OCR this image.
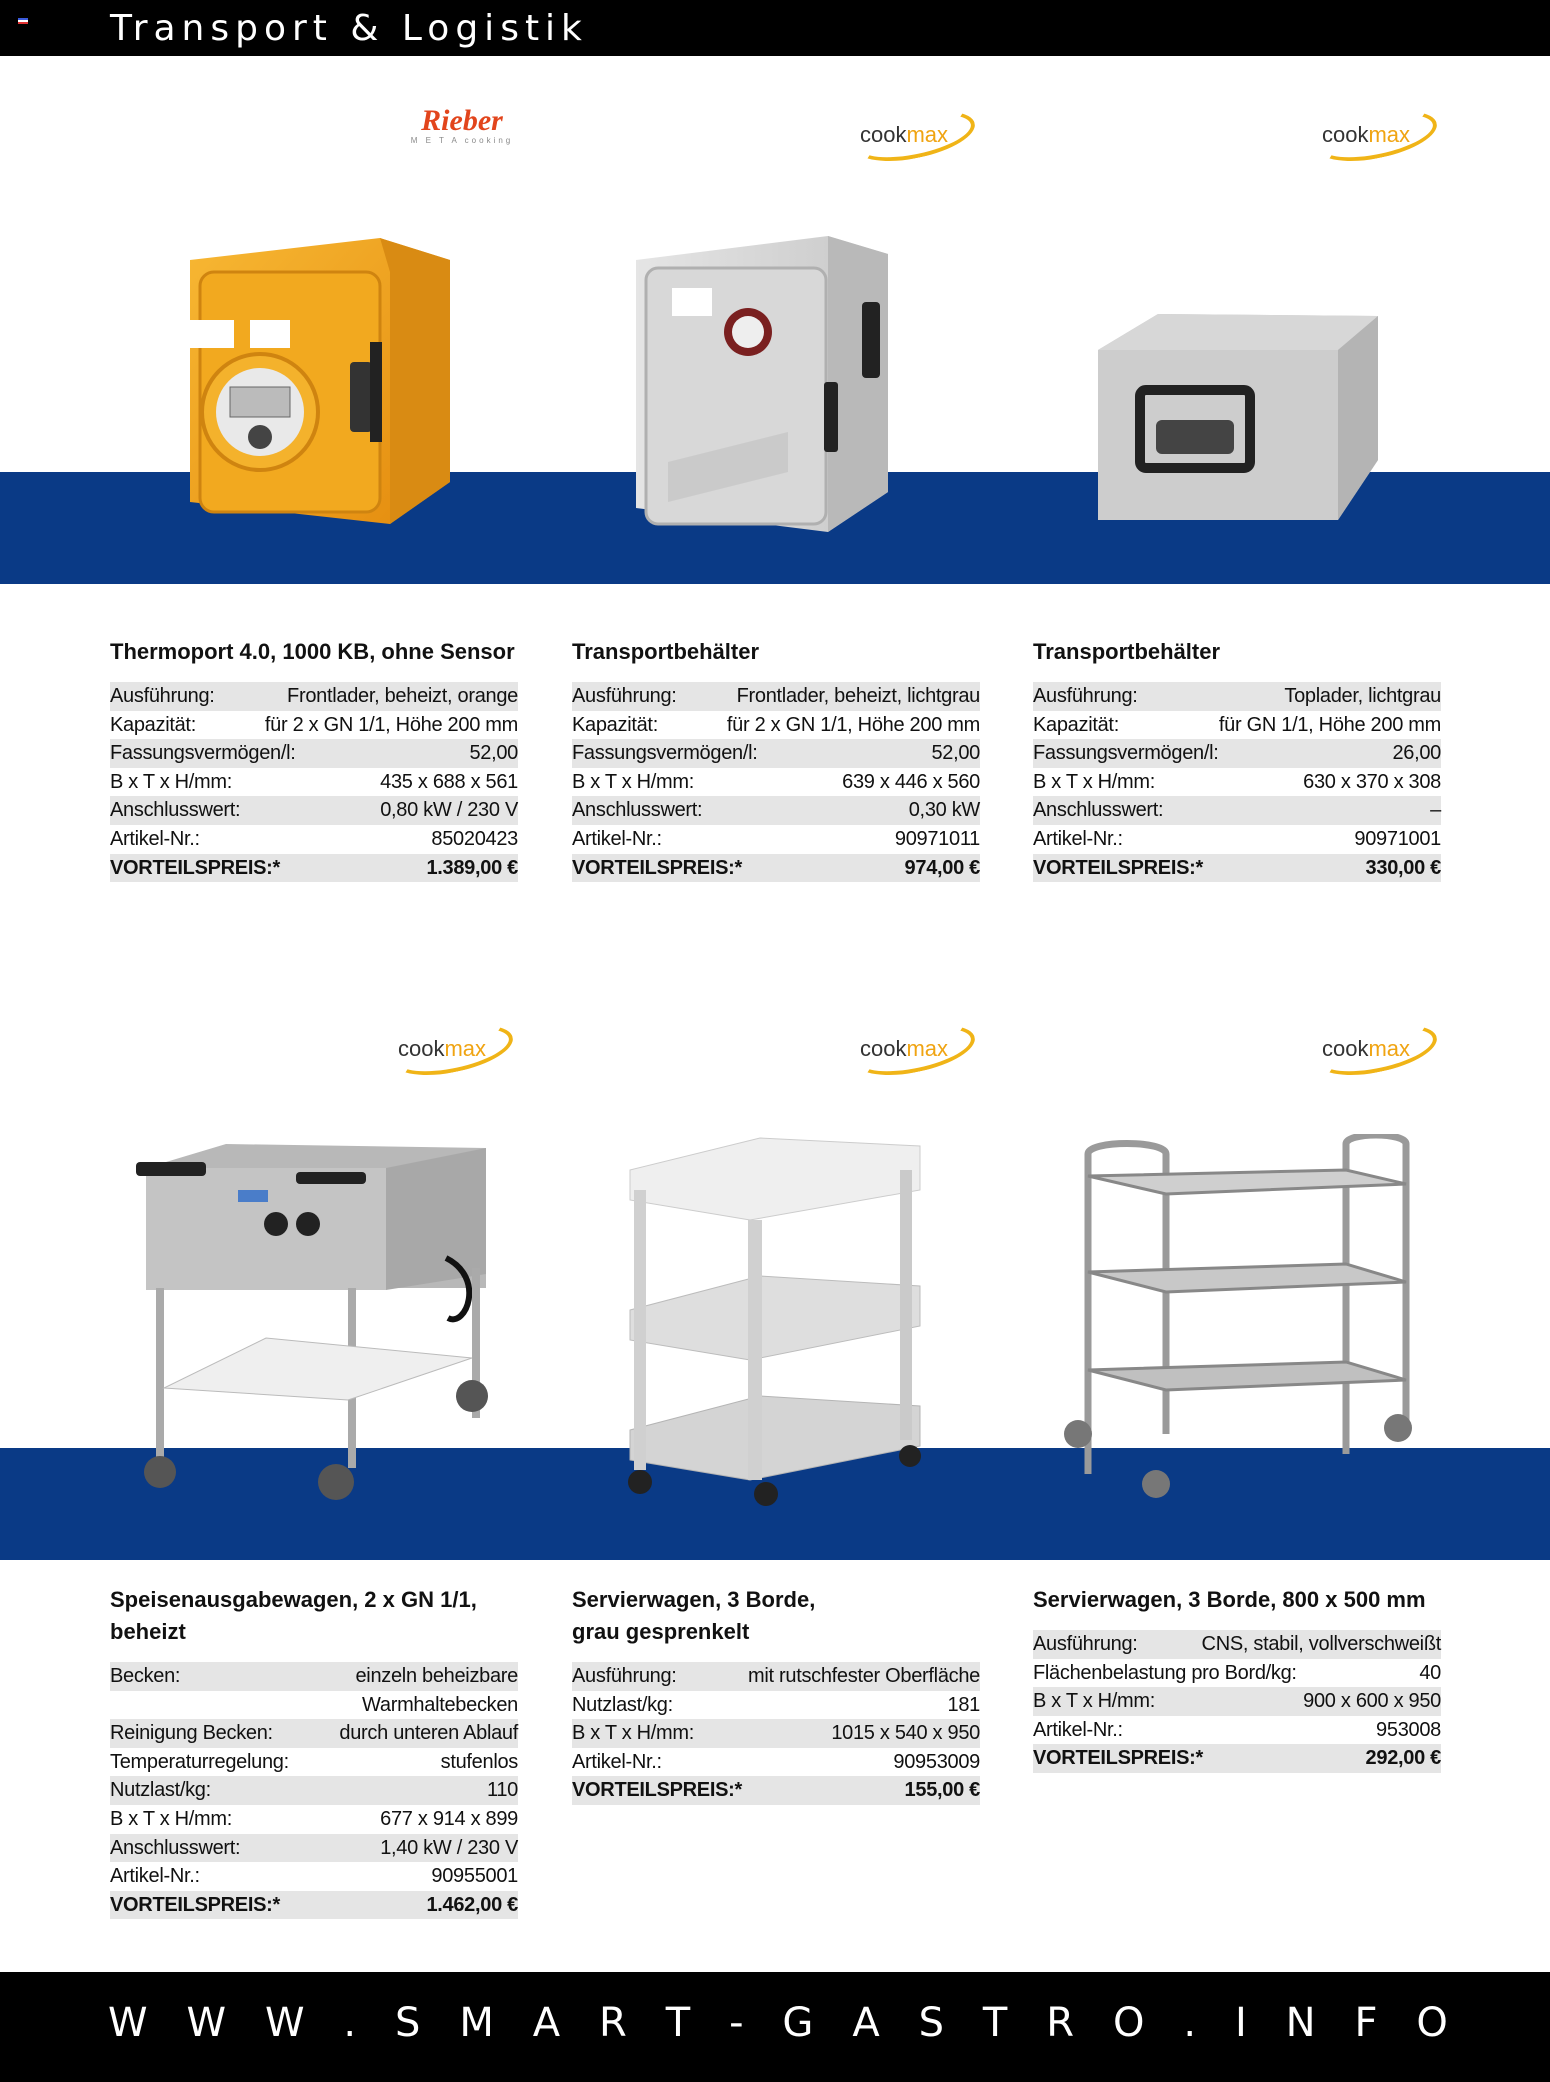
Transport & Logistik
Rieber
M E T A cooking	cookmax	cookmax
cookmax	cookmax	cookmax
Thermoport 4.0, 1000 KB, ohne Sensor
Ausführung:	Frontlader, beheizt, orange
Kapazität:	für 2 x GN 1/1, Höhe 200 mm
Fassungsvermögen/l:	52,00
B x T x H/mm:	435 x 688 x 561
Anschlusswert:	0,80 kW / 230 V
Artikel-Nr.:	85020423
VORTEILSPREIS:*	1.389,00 €
Transportbehälter
Ausführung:	Frontlader, beheizt, lichtgrau
Kapazität:	für 2 x GN 1/1, Höhe 200 mm
Fassungsvermögen/l:	52,00
B x T x H/mm:	639 x 446 x 560
Anschlusswert:	0,30 kW
Artikel-Nr.:	90971011
VORTEILSPREIS:*	974,00 €
Transportbehälter
Ausführung:	Toplader, lichtgrau
Kapazität:	für GN 1/1, Höhe 200 mm
Fassungsvermögen/l:	26,00
B x T x H/mm:	630 x 370 x 308
Anschlusswert:	–
Artikel-Nr.:	90971001
VORTEILSPREIS:*	330,00 €
Speisenausgabewagen, 2 x GN 1/1,
beheizt
Becken:	einzeln beheizbare
Warmhaltebecken
Reinigung Becken:	durch unteren Ablauf
Temperaturregelung:	stufenlos
Nutzlast/kg:	110
B x T x H/mm:	677 x 914 x 899
Anschlusswert:	1,40 kW / 230 V
Artikel-Nr.:	90955001
VORTEILSPREIS:*	1.462,00 €
Servierwagen, 3 Borde,
grau gesprenkelt
Ausführung:	mit rutschfester Oberfläche
Nutzlast/kg:	181
B x T x H/mm:	1015 x 540 x 950
Artikel-Nr.:	90953009
VORTEILSPREIS:*	155,00 €
Servierwagen, 3 Borde, 800 x 500 mm
Ausführung:	CNS, stabil, vollverschweißt
Flächenbelastung pro Bord/kg:	40
B x T x H/mm:	900 x 600 x 950
Artikel-Nr.:	953008
VORTEILSPREIS:*	292,00 €
W W W . S M A R T - G A S T R O . I N F O
